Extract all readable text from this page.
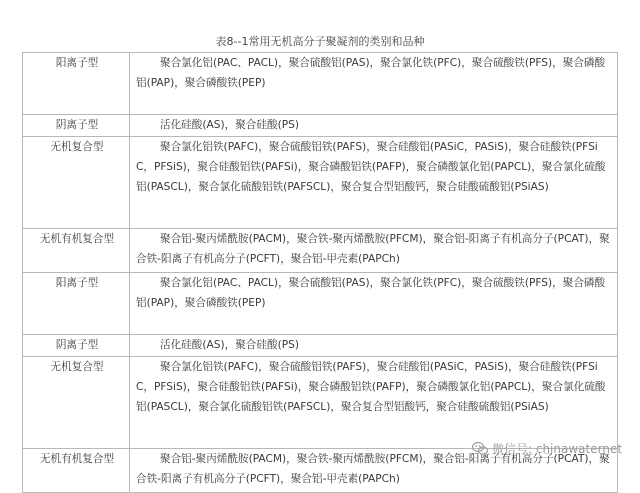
表8--1常用无机高分子聚凝剂的类别和品种
阳离子型	聚合氯化铝(PAC、PACL)，聚合硫酸铝(PAS)，聚合氯化铁(PFC)，聚合硫酸铁(PFS)，聚合磷酸铝(PAP)，聚合磷酸铁(PEP)
阴离子型	活化硅酸(AS)，聚合硅酸(PS)
无机复合型	聚合氯化铝铁(PAFC)，聚合硫酸铝铁(PAFS)，聚合硅酸铝(PASiC，PASiS)，聚合硅酸铁(PFSiC，PFSiS)，聚合硅酸铝铁(PAFSi)，聚合磷酸铝铁(PAFP)，聚合磷酸氯化铝(PAPCL)，聚合氯化硫酸铝(PASCL)，聚合氯化硫酸铝铁(PAFSCL)，聚合复合型铝酸钙，聚合硅酸硫酸铝(PSiAS)
无机有机复合型	聚合铝-聚丙烯酰胺(PACM)，聚合铁-聚丙烯酰胺(PFCM)，聚合铝-阳离子有机高分子(PCAT)，聚合铁-阳离子有机高分子(PCFT)，聚合铝-甲壳素(PAPCh)
阳离子型	聚合氯化铝(PAC、PACL)，聚合硫酸铝(PAS)，聚合氯化铁(PFC)，聚合硫酸铁(PFS)，聚合磷酸铝(PAP)，聚合磷酸铁(PEP)
阴离子型	活化硅酸(AS)，聚合硅酸(PS)
无机复合型	聚合氯化铝铁(PAFC)，聚合硫酸铝铁(PAFS)，聚合硅酸铝(PASiC，PASiS)，聚合硅酸铁(PFSiC，PFSiS)，聚合硅酸铝铁(PAFSi)，聚合磷酸铝铁(PAFP)，聚合磷酸氯化铝(PAPCL)，聚合氯化硫酸铝(PASCL)，聚合氯化硫酸铝铁(PAFSCL)，聚合复合型铝酸钙，聚合硅酸硫酸铝(PSiAS)
无机有机复合型	聚合铝-聚丙烯酰胺(PACM)，聚合铁-聚丙烯酰胺(PFCM)，聚合铝-阳离子有机高分子(PCAT)，聚合铁-阳离子有机高分子(PCFT)，聚合铝-甲壳素(PAPCh)
微信号: chinawaternet
